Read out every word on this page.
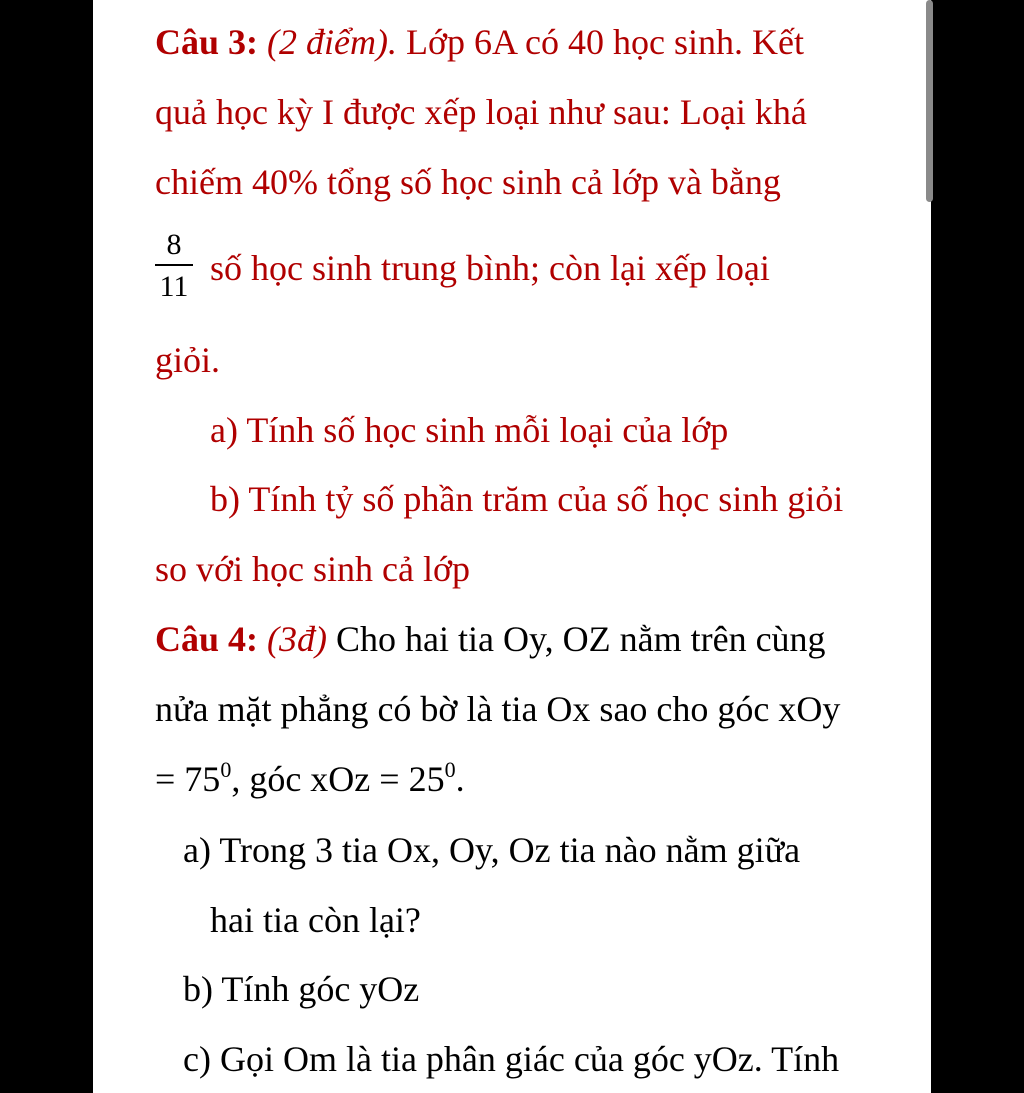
Câu 3: (2 điểm). Lớp 6A có 40 học sinh. Kết
quả học kỳ I được xếp loại như sau: Loại khá
chiếm 40% tổng số học sinh cả lớp và bằng
8
11 số học sinh trung bình; còn lại xếp loại
giỏi.
a) Tính số học sinh mỗi loại của lớp
b) Tính tỷ số phần trăm của số học sinh giỏi
so với học sinh cả lớp
Câu 4: (3đ) Cho hai tia Oy, OZ nằm trên cùng
nửa mặt phẳng có bờ là tia Ox sao cho góc xOy
= $75^0$, góc xOz = $25^0$.
a) Trong 3 tia Ox, Oy, Oz tia nào nằm giữa
hai tia còn lại?
b) Tính góc yOz
c) Gọi Om là tia phân giác của góc yOz. Tính
